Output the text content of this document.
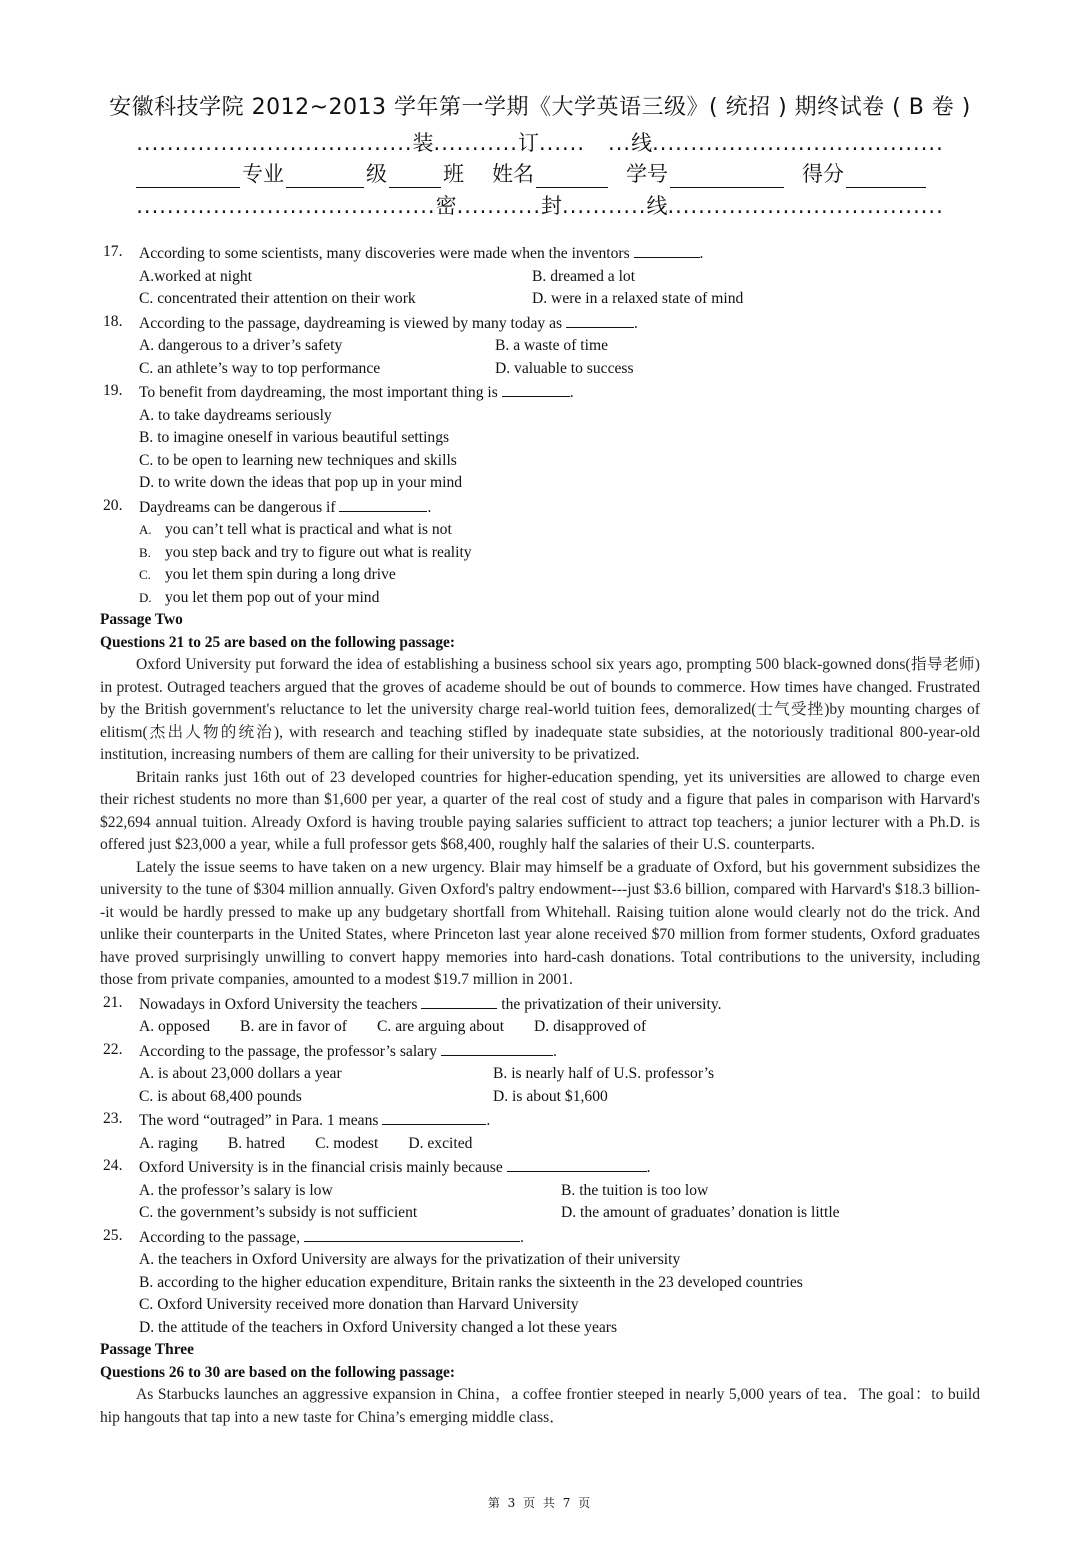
安徽科技学院 2012~2013 学年第一学期《大学英语三级》( 统招 ) 期终试卷 ( B 卷 )
....................................装...........订......   ...线......................................
专业	级	班 姓名	学号	得分
.......................................密...........封...........线....................................
17. According to some scientists, many discoveries were made when the inventors	.
A.worked at night	B. dreamed a lot
C. concentrated their attention on their work	D. were in a relaxed state of mind
18. According to the passage, daydreaming is viewed by many today as	.
A. dangerous to a driver’s safety	B. a waste of time
C. an athlete’s way to top performance	D. valuable to success
19. To benefit from daydreaming, the most important thing is	.
A. to take daydreams seriously
B. to imagine oneself in various beautiful settings
C. to be open to learning new techniques and skills
D. to write down the ideas that pop up in your mind
20. Daydreams can be dangerous if	.
A. you can’t tell what is practical and what is not
B. you step back and try to figure out what is reality
C. you let them spin during a long drive
D. you let them pop out of your mind
Passage Two
Questions 21 to 25 are based on the following passage:
Oxford University put forward the idea of establishing a business school six years ago, prompting 500 black-gowned dons(指导老师) in protest. Outraged teachers argued that the groves of academe should be out of bounds to commerce. How times have changed. Frustrated by the British government's reluctance to let the university charge real-world tuition fees, demoralized(士气受挫)by mounting charges of elitism(杰出人物的统治), with research and teaching stifled by inadequate state subsidies, at the notoriously traditional 800-year-old institution, increasing numbers of them are calling for their university to be privatized.
Britain ranks just 16th out of 23 developed countries for higher-education spending, yet its universities are allowed to charge even their richest students no more than $1,600 per year, a quarter of the real cost of study and a figure that pales in comparison with Harvard's $22,694 annual tuition. Already Oxford is having trouble paying salaries sufficient to attract top teachers; a junior lecturer with a Ph.D. is offered just $23,000 a year, while a full professor gets $68,400, roughly half the salaries of their U.S. counterparts.
Lately the issue seems to have taken on a new urgency. Blair may himself be a graduate of Oxford, but his government subsidizes the university to the tune of $304 million annually. Given Oxford's paltry endowment---just $3.6 billion, compared with Harvard's $18.3 billion--it would be hardly pressed to make up any budgetary shortfall from Whitehall. Raising tuition alone would clearly not do the trick. And unlike their counterparts in the United States, where Princeton last year alone received $70 million from former students, Oxford graduates have proved surprisingly unwilling to convert happy memories into hard-cash donations. Total contributions to the university, including those from private companies, amounted to a modest $19.7 million in 2001.
21. Nowadays in Oxford University the teachers	the privatization of their university.
A. opposed B. are in favor of C. are arguing about D. disapproved of
22. According to the passage, the professor’s salary	.
A. is about 23,000 dollars a year	B. is nearly half of U.S. professor’s
C. is about 68,400 pounds	D. is about $1,600
23. The word “outraged” in Para. 1 means	.
A. raging B. hatred C. modest D. excited
24. Oxford University is in the financial crisis mainly because	.
A. the professor’s salary is low	B. the tuition is too low
C. the government’s subsidy is not sufficient	D. the amount of graduates’ donation is little
25. According to the passage,	.
A. the teachers in Oxford University are always for the privatization of their university
B. according to the higher education expenditure, Britain ranks the sixteenth in the 23 developed countries
C. Oxford University received more donation than Harvard University
D. the attitude of the teachers in Oxford University changed a lot these years
Passage Three
Questions 26 to 30 are based on the following passage:
As Starbucks launches an aggressive expansion in China，a coffee frontier steeped in nearly 5,000 years of tea．The goal：to build hip hangouts that tap into a new taste for China’s emerging middle class．
第 3 页 共 7 页
